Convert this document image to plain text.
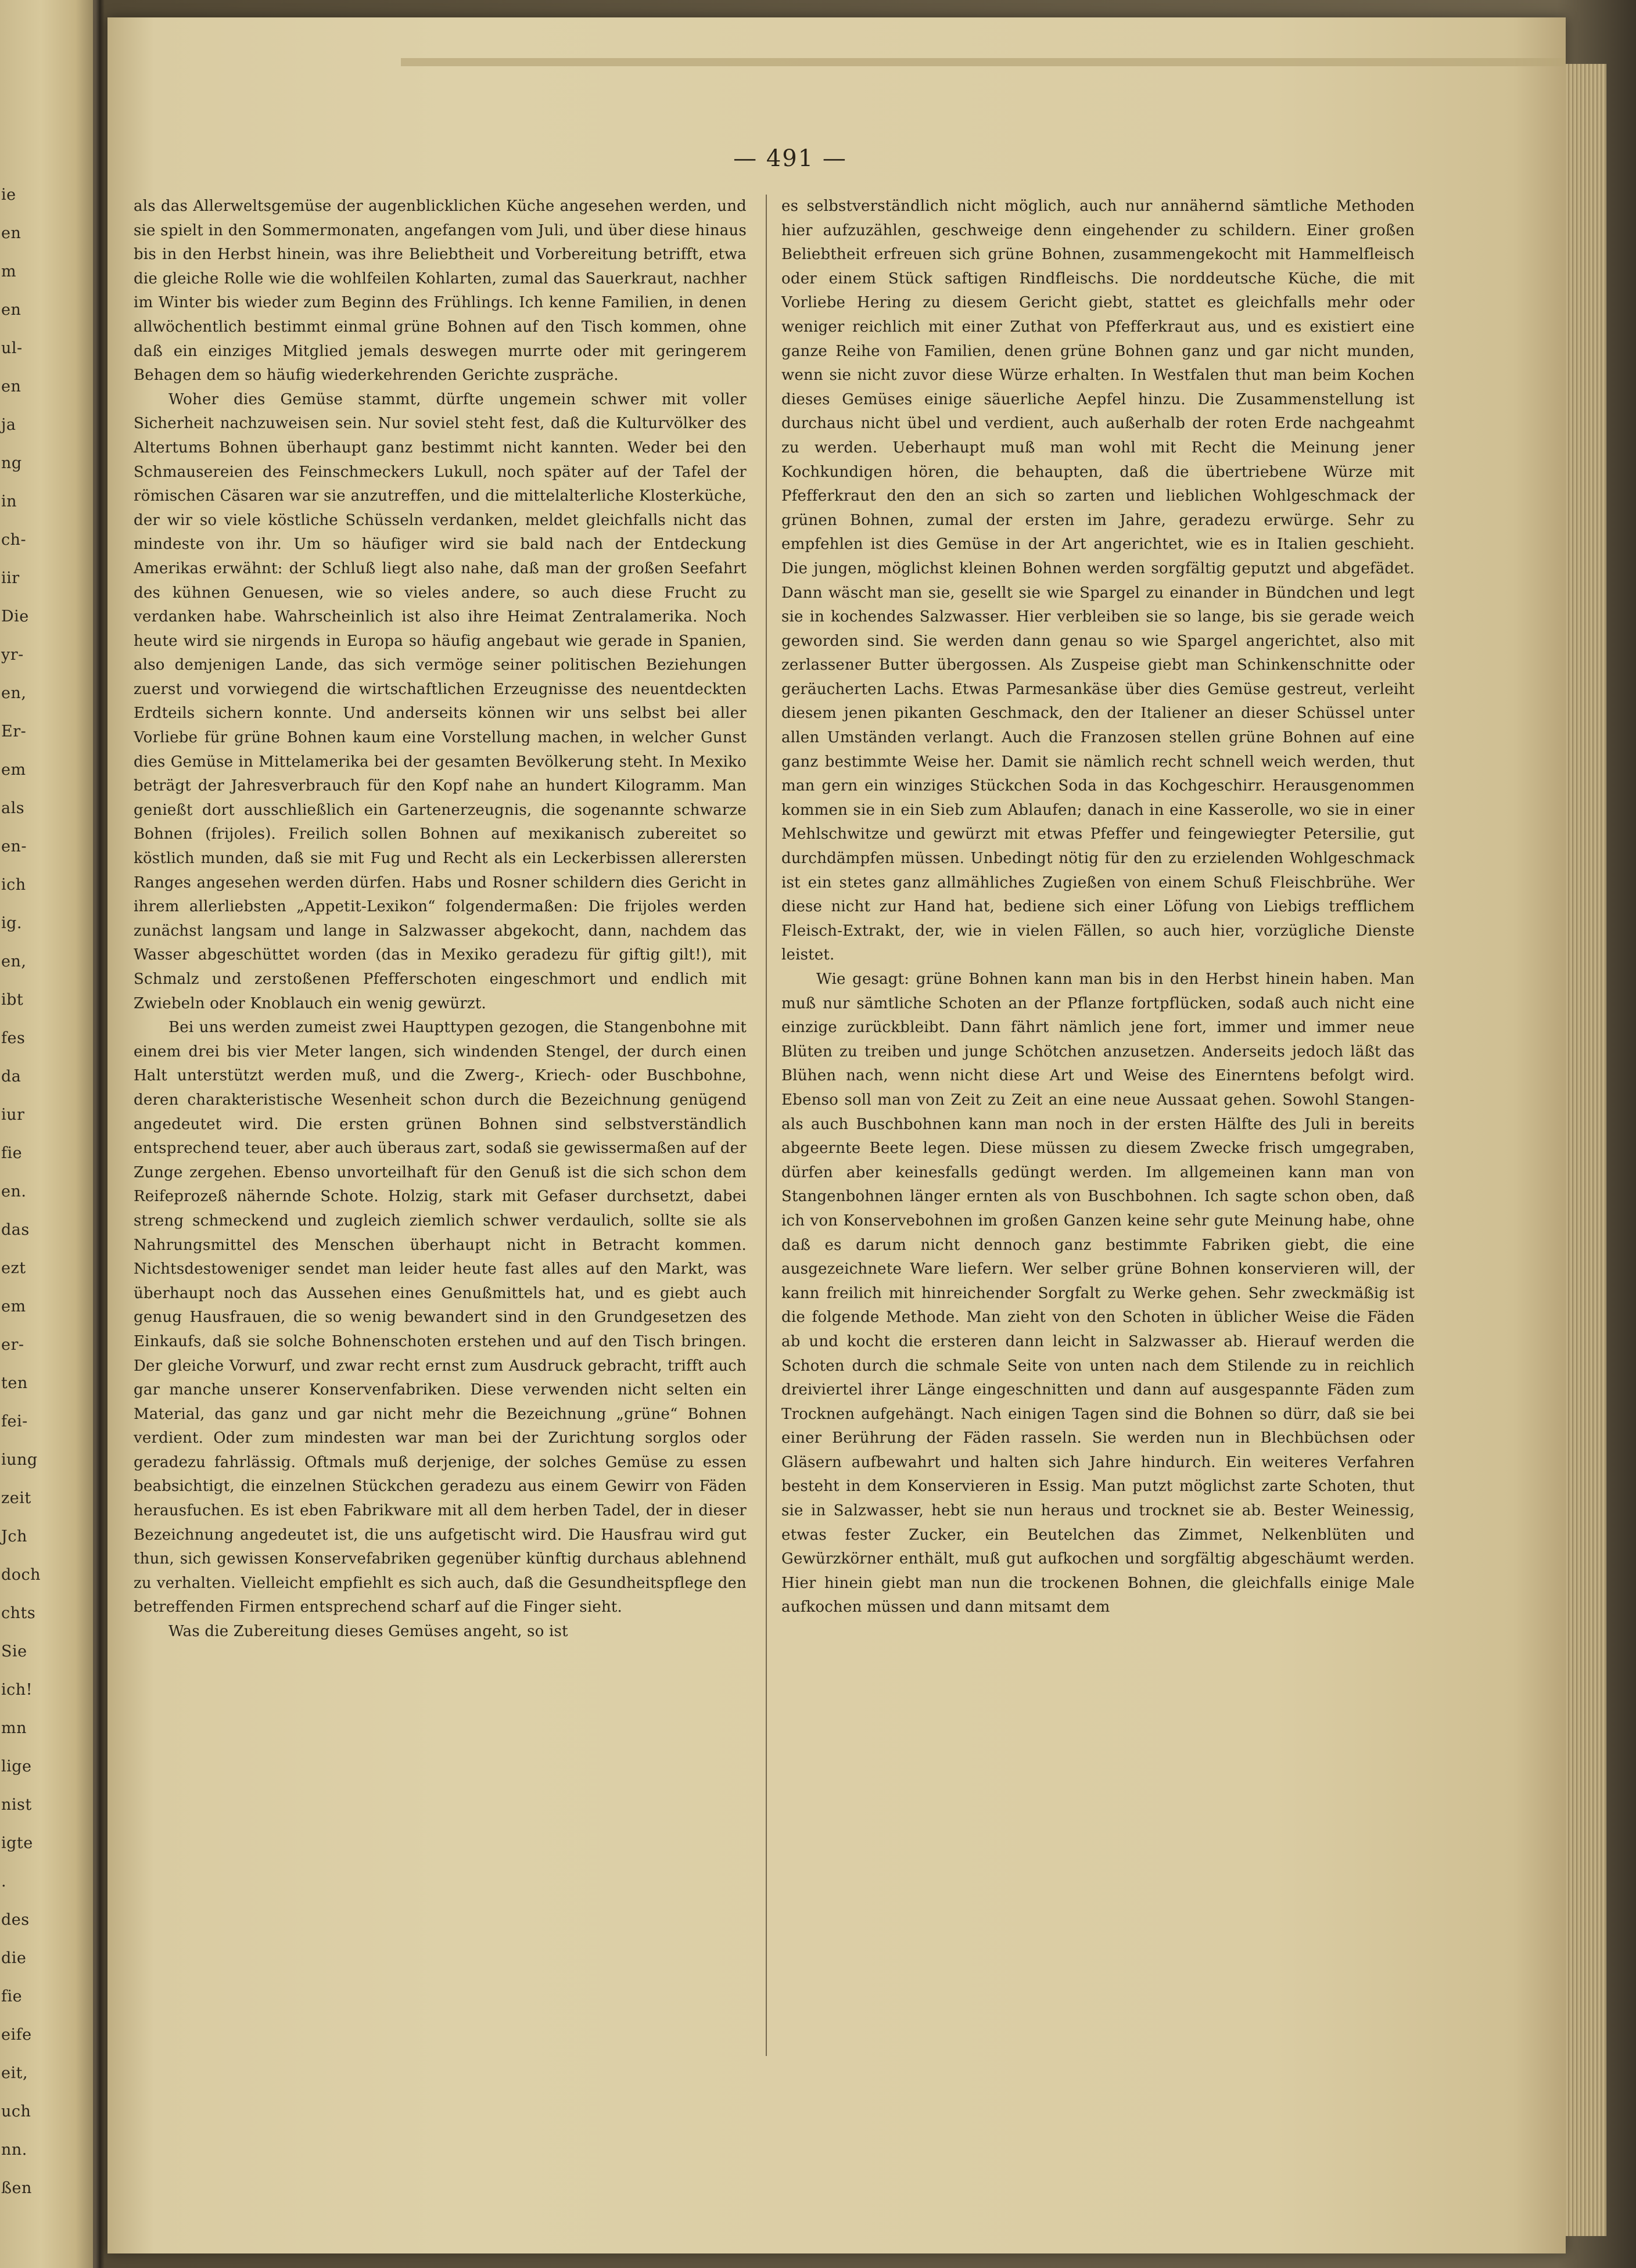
ie
en
m
en
ul-
en
ja
ng
in
ch-
iir
Die
yr-
en,
Er-
em
als
en-
ich
ig.
en,
ibt
fes
da
iur
fie
en.
das
ezt
em
er-
ten
fei-
iung
zeit
Jch
doch
chts
Sie
ich!
mn
lige
nist
igte
.
des
die
fie
eife
eit,
uch
nn.
ßen
— 491 —

als das Allerweltsgemüse der augenblicklichen Küche angesehen werden, und sie spielt in den Sommermonaten, angefangen vom Juli, und über diese hinaus bis in den Herbst hinein, was ihre Beliebtheit und Vorbereitung betrifft, etwa die gleiche Rolle wie die wohlfeilen Kohlarten, zumal das Sauerkraut, nachher im Winter bis wieder zum Beginn des Frühlings. Ich kenne Familien, in denen allwöchentlich bestimmt einmal grüne Bohnen auf den Tisch kommen, ohne daß ein einziges Mitglied jemals deswegen murrte oder mit geringerem Behagen dem so häufig wiederkehrenden Gerichte zuspräche.

Woher dies Gemüse stammt, dürfte ungemein schwer mit voller Sicherheit nachzuweisen sein. Nur soviel steht fest, daß die Kulturvölker des Altertums Bohnen überhaupt ganz bestimmt nicht kannten. Weder bei den Schmausereien des Feinschmeckers Lukull, noch später auf der Tafel der römischen Cäsaren war sie anzutreffen, und die mittelalterliche Klosterküche, der wir so viele köstliche Schüsseln verdanken, meldet gleichfalls nicht das mindeste von ihr. Um so häufiger wird sie bald nach der Entdeckung Amerikas erwähnt: der Schluß liegt also nahe, daß man der großen Seefahrt des kühnen Genuesen, wie so vieles andere, so auch diese Frucht zu verdanken habe. Wahrscheinlich ist also ihre Heimat Zentralamerika. Noch heute wird sie nirgends in Europa so häufig angebaut wie gerade in Spanien, also demjenigen Lande, das sich vermöge seiner politischen Beziehungen zuerst und vorwiegend die wirtschaftlichen Erzeugnisse des neuentdeckten Erdteils sichern konnte. Und anderseits können wir uns selbst bei aller Vorliebe für grüne Bohnen kaum eine Vorstellung machen, in welcher Gunst dies Gemüse in Mittelamerika bei der gesamten Bevölkerung steht. In Mexiko beträgt der Jahresverbrauch für den Kopf nahe an hundert Kilogramm. Man genießt dort ausschließlich ein Gartenerzeugnis, die sogenannte schwarze Bohnen (frijoles). Freilich sollen Bohnen auf mexikanisch zubereitet so köstlich munden, daß sie mit Fug und Recht als ein Leckerbissen allerersten Ranges angesehen werden dürfen. Habs und Rosner schildern dies Gericht in ihrem allerliebsten „Appetit-Lexikon“ folgendermaßen: Die frijoles werden zunächst langsam und lange in Salzwasser abgekocht, dann, nachdem das Wasser abgeschüttet worden (das in Mexiko geradezu für giftig gilt!), mit Schmalz und zerstoßenen Pfefferschoten eingeschmort und endlich mit Zwiebeln oder Knoblauch ein wenig gewürzt.

Bei uns werden zumeist zwei Haupttypen gezogen, die Stangenbohne mit einem drei bis vier Meter langen, sich windenden Stengel, der durch einen Halt unterstützt werden muß, und die Zwerg-, Kriech- oder Buschbohne, deren charakteristische Wesenheit schon durch die Bezeichnung genügend angedeutet wird. Die ersten grünen Bohnen sind selbstverständlich entsprechend teuer, aber auch überaus zart, sodaß sie gewissermaßen auf der Zunge zergehen. Ebenso unvorteilhaft für den Genuß ist die sich schon dem Reifeprozeß nähernde Schote. Holzig, stark mit Gefaser durchsetzt, dabei streng schmeckend und zugleich ziemlich schwer verdaulich, sollte sie als Nahrungsmittel des Menschen überhaupt nicht in Betracht kommen. Nichtsdestoweniger sendet man leider heute fast alles auf den Markt, was überhaupt noch das Aussehen eines Genußmittels hat, und es giebt auch genug Hausfrauen, die so wenig bewandert sind in den Grundgesetzen des Einkaufs, daß sie solche Bohnenschoten erstehen und auf den Tisch bringen. Der gleiche Vorwurf, und zwar recht ernst zum Ausdruck gebracht, trifft auch gar manche unserer Konservenfabriken. Diese verwenden nicht selten ein Material, das ganz und gar nicht mehr die Bezeichnung „grüne“ Bohnen verdient. Oder zum mindesten war man bei der Zurichtung sorglos oder geradezu fahrlässig. Oftmals muß derjenige, der solches Gemüse zu essen beabsichtigt, die einzelnen Stückchen geradezu aus einem Gewirr von Fäden herausfuchen. Es ist eben Fabrikware mit all dem herben Tadel, der in dieser Bezeichnung angedeutet ist, die uns aufgetischt wird. Die Hausfrau wird gut thun, sich gewissen Konservefabriken gegenüber künftig durchaus ablehnend zu verhalten. Vielleicht empfiehlt es sich auch, daß die Gesundheitspflege den betreffenden Firmen entsprechend scharf auf die Finger sieht.

Was die Zubereitung dieses Gemüses angeht, so ist

es selbstverständlich nicht möglich, auch nur annähernd sämtliche Methoden hier aufzuzählen, geschweige denn eingehender zu schildern. Einer großen Beliebtheit erfreuen sich grüne Bohnen, zusammengekocht mit Hammelfleisch oder einem Stück saftigen Rindfleischs. Die norddeutsche Küche, die mit Vorliebe Hering zu diesem Gericht giebt, stattet es gleichfalls mehr oder weniger reichlich mit einer Zuthat von Pfefferkraut aus, und es existiert eine ganze Reihe von Familien, denen grüne Bohnen ganz und gar nicht munden, wenn sie nicht zuvor diese Würze erhalten. In Westfalen thut man beim Kochen dieses Gemüses einige säuerliche Aepfel hinzu. Die Zusammenstellung ist durchaus nicht übel und verdient, auch außerhalb der roten Erde nachgeahmt zu werden. Ueberhaupt muß man wohl mit Recht die Meinung jener Kochkundigen hören, die behaupten, daß die übertriebene Würze mit Pfefferkraut den den an sich so zarten und lieblichen Wohlgeschmack der grünen Bohnen, zumal der ersten im Jahre, geradezu erwürge. Sehr zu empfehlen ist dies Gemüse in der Art angerichtet, wie es in Italien geschieht. Die jungen, möglichst kleinen Bohnen werden sorgfältig geputzt und abgefädet. Dann wäscht man sie, gesellt sie wie Spargel zu einander in Bündchen und legt sie in kochendes Salzwasser. Hier verbleiben sie so lange, bis sie gerade weich geworden sind. Sie werden dann genau so wie Spargel angerichtet, also mit zerlassener Butter übergossen. Als Zuspeise giebt man Schinkenschnitte oder geräucherten Lachs. Etwas Parmesankäse über dies Gemüse gestreut, verleiht diesem jenen pikanten Geschmack, den der Italiener an dieser Schüssel unter allen Umständen verlangt. Auch die Franzosen stellen grüne Bohnen auf eine ganz bestimmte Weise her. Damit sie nämlich recht schnell weich werden, thut man gern ein winziges Stückchen Soda in das Kochgeschirr. Herausgenommen kommen sie in ein Sieb zum Ablaufen; danach in eine Kasserolle, wo sie in einer Mehlschwitze und gewürzt mit etwas Pfeffer und feingewiegter Petersilie, gut durchdämpfen müssen. Unbedingt nötig für den zu erzielenden Wohlgeschmack ist ein stetes ganz allmähliches Zugießen von einem Schuß Fleischbrühe. Wer diese nicht zur Hand hat, bediene sich einer Löfung von Liebigs trefflichem Fleisch-Extrakt, der, wie in vielen Fällen, so auch hier, vorzügliche Dienste leistet.

Wie gesagt: grüne Bohnen kann man bis in den Herbst hinein haben. Man muß nur sämtliche Schoten an der Pflanze fortpflücken, sodaß auch nicht eine einzige zurückbleibt. Dann fährt nämlich jene fort, immer und immer neue Blüten zu treiben und junge Schötchen anzusetzen. Anderseits jedoch läßt das Blühen nach, wenn nicht diese Art und Weise des Einerntens befolgt wird. Ebenso soll man von Zeit zu Zeit an eine neue Aussaat gehen. Sowohl Stangen- als auch Buschbohnen kann man noch in der ersten Hälfte des Juli in bereits abgeernte Beete legen. Diese müssen zu diesem Zwecke frisch umgegraben, dürfen aber keinesfalls gedüngt werden. Im allgemeinen kann man von Stangenbohnen länger ernten als von Buschbohnen. Ich sagte schon oben, daß ich von Konservebohnen im großen Ganzen keine sehr gute Meinung habe, ohne daß es darum nicht dennoch ganz bestimmte Fabriken giebt, die eine ausgezeichnete Ware liefern. Wer selber grüne Bohnen konservieren will, der kann freilich mit hinreichender Sorgfalt zu Werke gehen. Sehr zweckmäßig ist die folgende Methode. Man zieht von den Schoten in üblicher Weise die Fäden ab und kocht die ersteren dann leicht in Salzwasser ab. Hierauf werden die Schoten durch die schmale Seite von unten nach dem Stilende zu in reichlich dreiviertel ihrer Länge eingeschnitten und dann auf ausgespannte Fäden zum Trocknen aufgehängt. Nach einigen Tagen sind die Bohnen so dürr, daß sie bei einer Berührung der Fäden rasseln. Sie werden nun in Blechbüchsen oder Gläsern aufbewahrt und halten sich Jahre hindurch. Ein weiteres Verfahren besteht in dem Konservieren in Essig. Man putzt möglichst zarte Schoten, thut sie in Salzwasser, hebt sie nun heraus und trocknet sie ab. Bester Weinessig, etwas fester Zucker, ein Beutelchen das Zimmet, Nelkenblüten und Gewürzkörner enthält, muß gut aufkochen und sorgfältig abgeschäumt werden. Hier hinein giebt man nun die trockenen Bohnen, die gleichfalls einige Male aufkochen müssen und dann mitsamt dem
